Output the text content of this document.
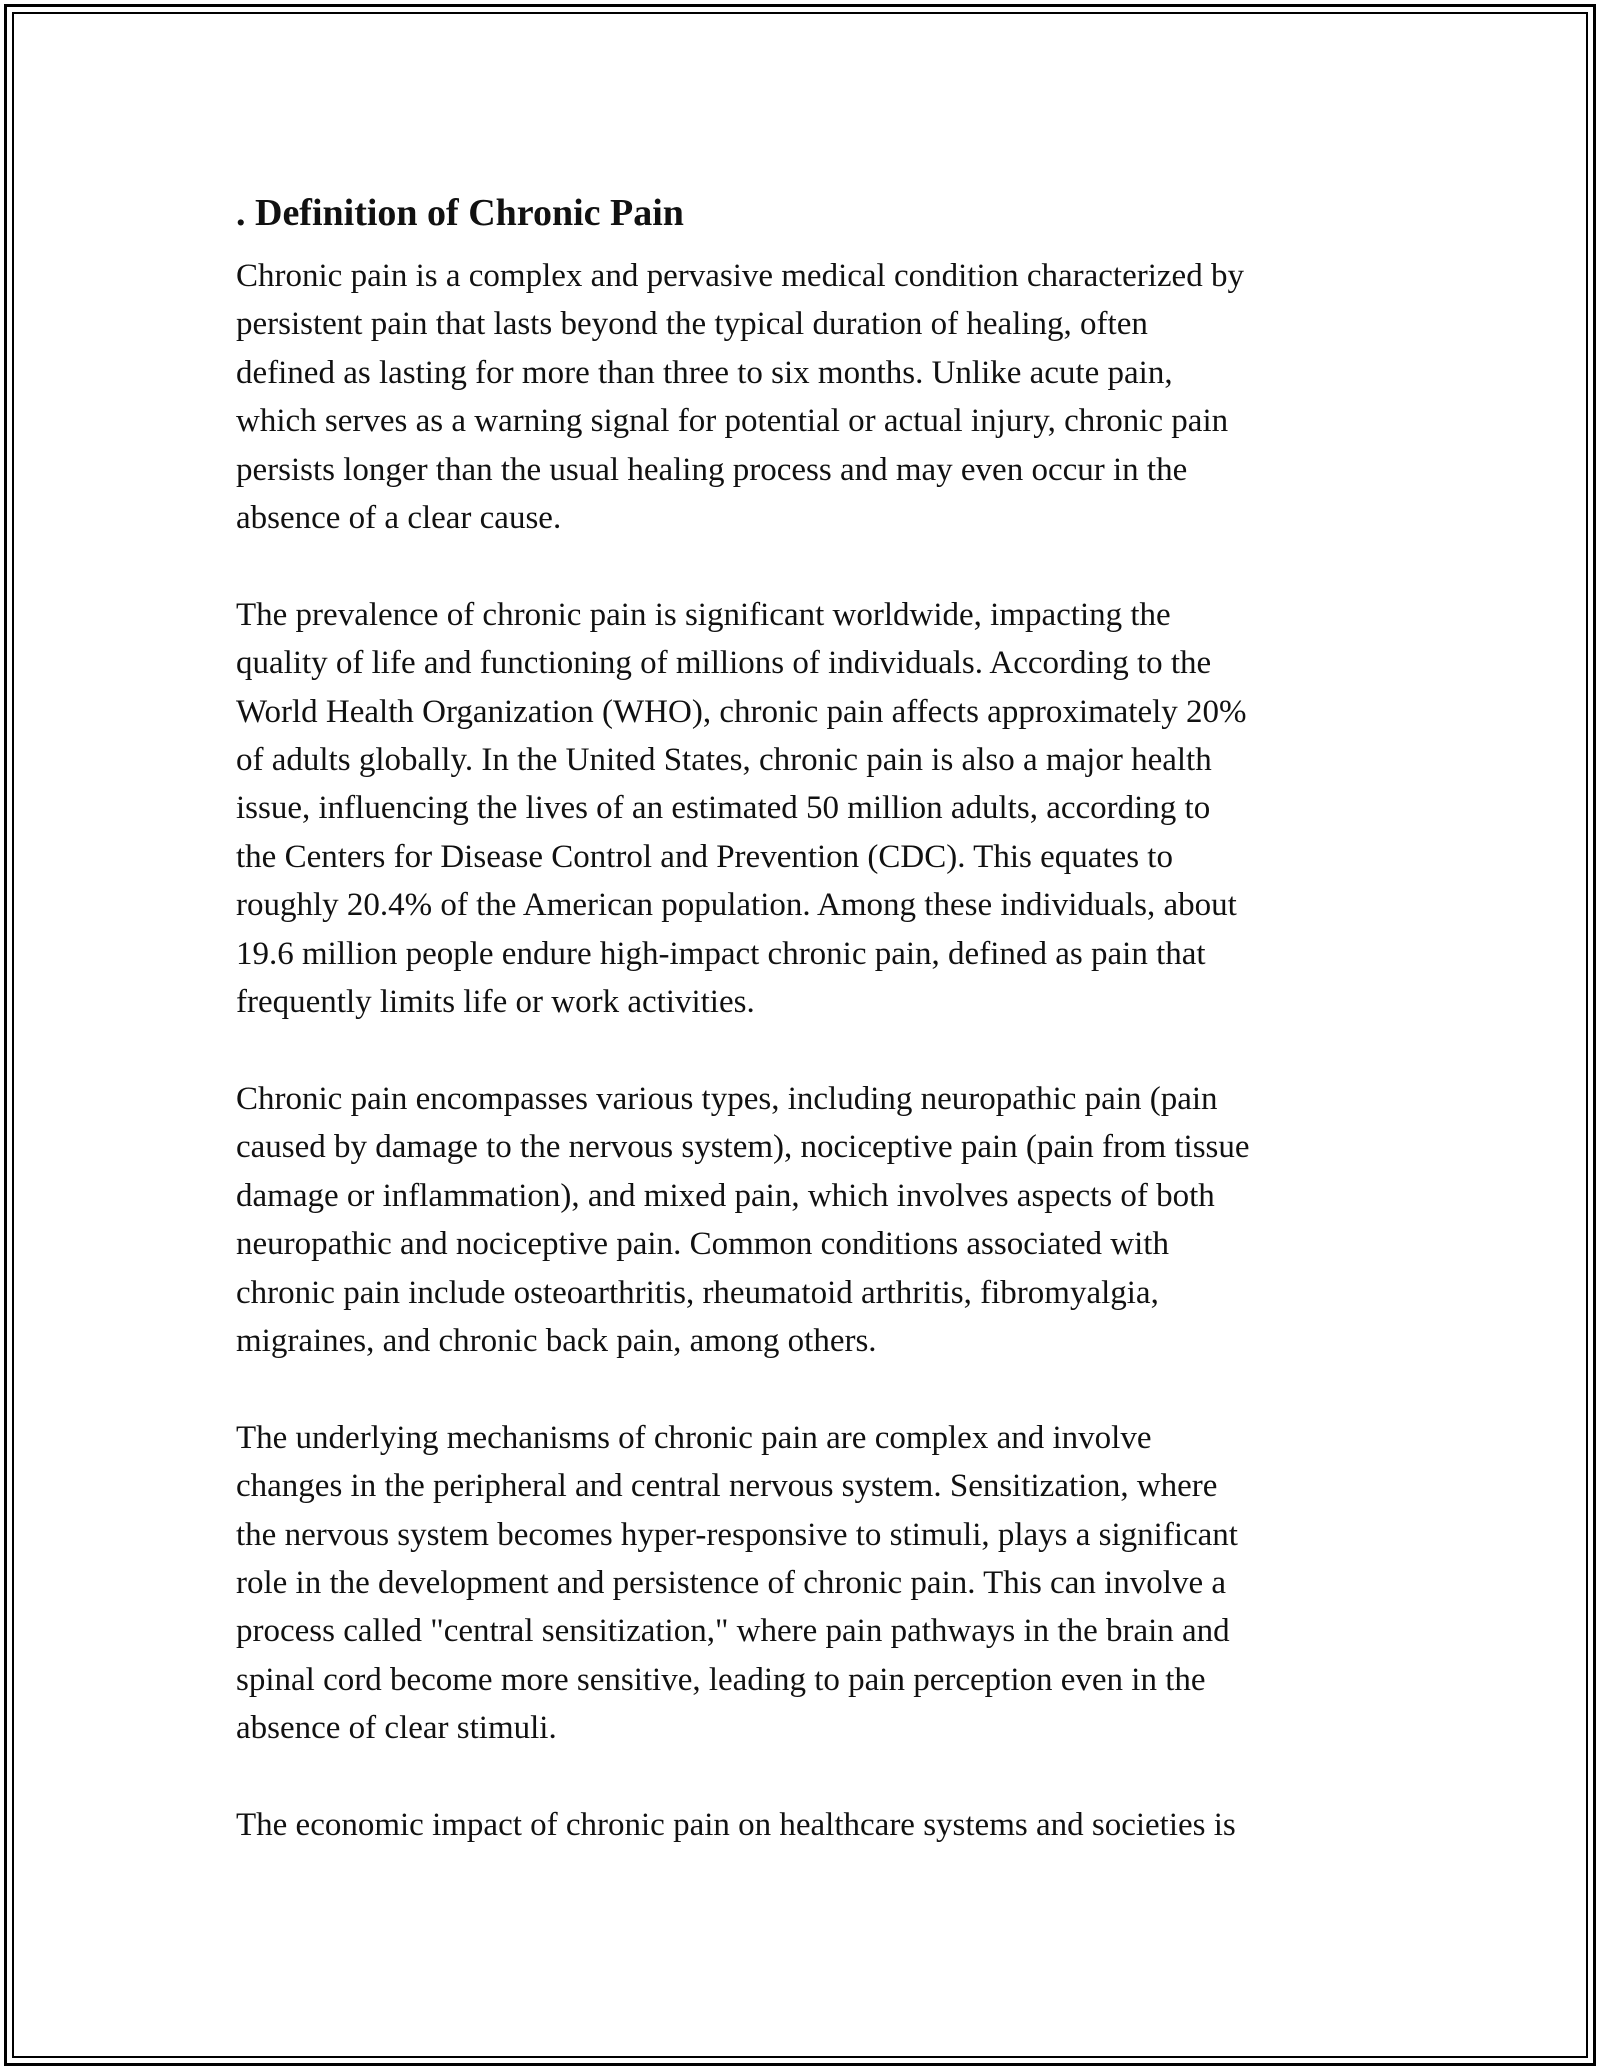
. Definition of Chronic Pain

Chronic pain is a complex and pervasive medical condition characterized by
persistent pain that lasts beyond the typical duration of healing, often
defined as lasting for more than three to six months. Unlike acute pain,
which serves as a warning signal for potential or actual injury, chronic pain
persists longer than the usual healing process and may even occur in the
absence of a clear cause.

The prevalence of chronic pain is significant worldwide, impacting the
quality of life and functioning of millions of individuals. According to the
World Health Organization (WHO), chronic pain affects approximately 20%
of adults globally. In the United States, chronic pain is also a major health
issue, influencing the lives of an estimated 50 million adults, according to
the Centers for Disease Control and Prevention (CDC). This equates to
roughly 20.4% of the American population. Among these individuals, about
19.6 million people endure high-impact chronic pain, defined as pain that
frequently limits life or work activities.

Chronic pain encompasses various types, including neuropathic pain (pain
caused by damage to the nervous system), nociceptive pain (pain from tissue
damage or inflammation), and mixed pain, which involves aspects of both
neuropathic and nociceptive pain. Common conditions associated with
chronic pain include osteoarthritis, rheumatoid arthritis, fibromyalgia,
migraines, and chronic back pain, among others.

The underlying mechanisms of chronic pain are complex and involve
changes in the peripheral and central nervous system. Sensitization, where
the nervous system becomes hyper-responsive to stimuli, plays a significant
role in the development and persistence of chronic pain. This can involve a
process called "central sensitization," where pain pathways in the brain and
spinal cord become more sensitive, leading to pain perception even in the
absence of clear stimuli.

The economic impact of chronic pain on healthcare systems and societies is
